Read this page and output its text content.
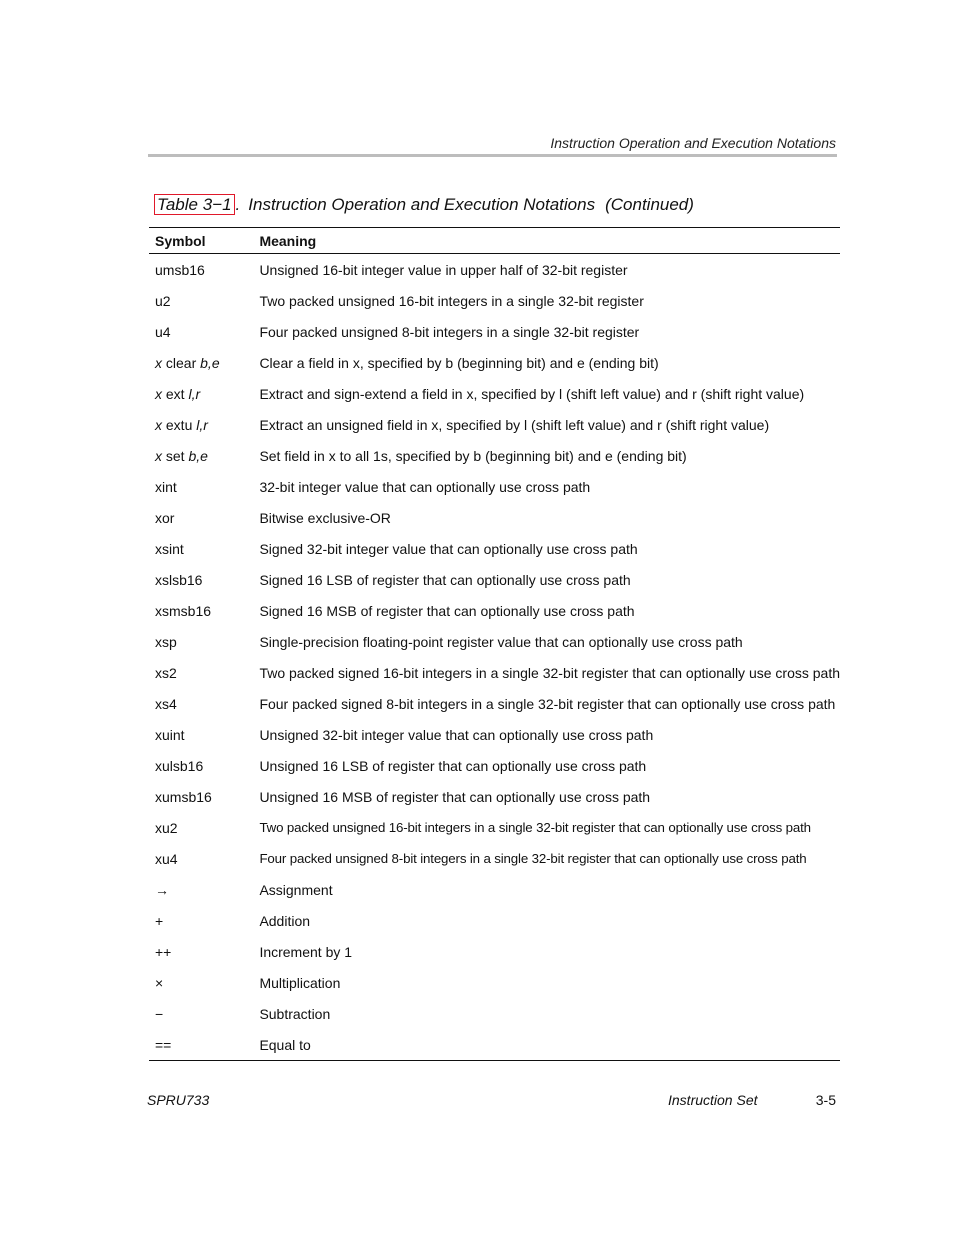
Instruction Operation and Execution Notations
Table 3−1 . Instruction Operation and Execution Notations (Continued)
Symbol	Meaning
umsb16	Unsigned 16-bit integer value in upper half of 32-bit register
u2	Two packed unsigned 16-bit integers in a single 32-bit register
u4	Four packed unsigned 8-bit integers in a single 32-bit register
x clear b,e	Clear a field in x, specified by b (beginning bit) and e (ending bit)
x ext l,r	Extract and sign-extend a field in x, specified by l (shift left value) and r (shift right value)
x extu l,r	Extract an unsigned field in x, specified by l (shift left value) and r (shift right value)
x set b,e	Set field in x to all 1s, specified by b (beginning bit) and e (ending bit)
xint	32-bit integer value that can optionally use cross path
xor	Bitwise exclusive-OR
xsint	Signed 32-bit integer value that can optionally use cross path
xslsb16	Signed 16 LSB of register that can optionally use cross path
xsmsb16	Signed 16 MSB of register that can optionally use cross path
xsp	Single-precision floating-point register value that can optionally use cross path
xs2	Two packed signed 16-bit integers in a single 32-bit register that can optionally use cross path
xs4	Four packed signed 8-bit integers in a single 32-bit register that can optionally use cross path
xuint	Unsigned 32-bit integer value that can optionally use cross path
xulsb16	Unsigned 16 LSB of register that can optionally use cross path
xumsb16	Unsigned 16 MSB of register that can optionally use cross path
xu2	Two packed unsigned 16-bit integers in a single 32-bit register that can optionally use cross path
xu4	Four packed unsigned 8-bit integers in a single 32-bit register that can optionally use cross path
→	Assignment
+	Addition
++	Increment by 1
×	Multiplication
−	Subtraction
==	Equal to
SPRU733	Instruction Set	3-5
